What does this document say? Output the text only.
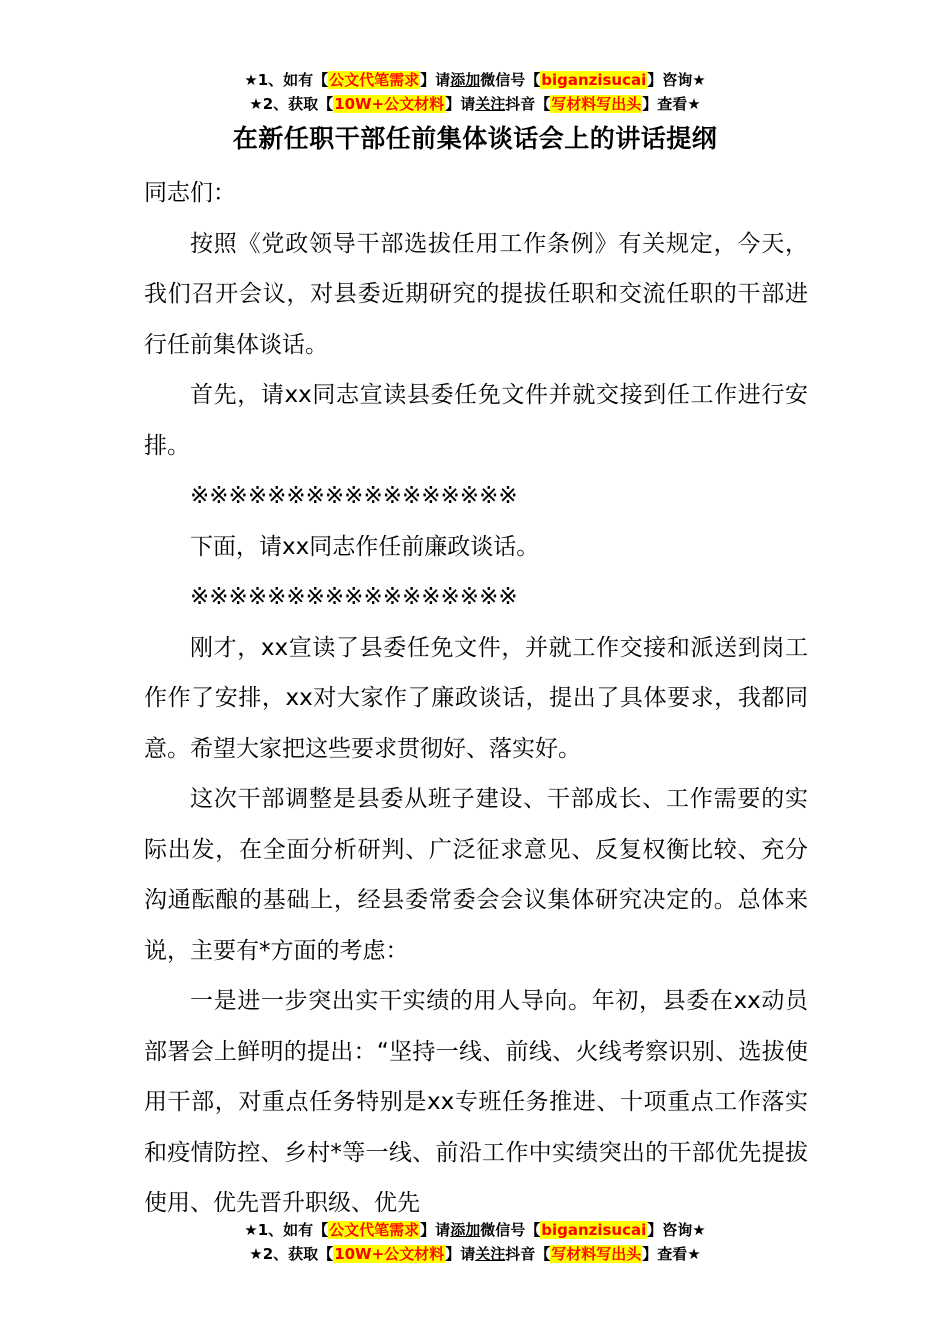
★1、如有【公文代笔需求】请添加微信号【biganzisucai】咨询★
★2、获取【10W+公文材料】请关注抖音【写材料写出头】查看★
在新任职干部任前集体谈话会上的讲话提纲

同志们：

按照《党政领导干部选拔任用工作条例》有关规定，今天，我们召开会议，对县委近期研究的提拔任职和交流任职的干部进行任前集体谈话。

首先，请xx同志宣读县委任免文件并就交接到任工作进行安排。

※※※※※※※※※※※※※※※※※

下面，请xx同志作任前廉政谈话。

※※※※※※※※※※※※※※※※※

刚才，xx宣读了县委任免文件，并就工作交接和派送到岗工作作了安排，xx对大家作了廉政谈话，提出了具体要求，我都同意。希望大家把这些要求贯彻好、落实好。

这次干部调整是县委从班子建设、干部成长、工作需要的实际出发，在全面分析研判、广泛征求意见、反复权衡比较、充分沟通酝酿的基础上，经县委常委会会议集体研究决定的。总体来说，主要有*方面的考虑：

一是进一步突出实干实绩的用人导向。年初，县委在xx动员部署会上鲜明的提出：“坚持一线、前线、火线考察识别、选拔使用干部，对重点任务特别是xx专班任务推进、十项重点工作落实和疫情防控、乡村*等一线、前沿工作中实绩突出的干部优先提拔使用、优先晋升职级、优先

★1、如有【公文代笔需求】请添加微信号【biganzisucai】咨询★
★2、获取【10W+公文材料】请关注抖音【写材料写出头】查看★
